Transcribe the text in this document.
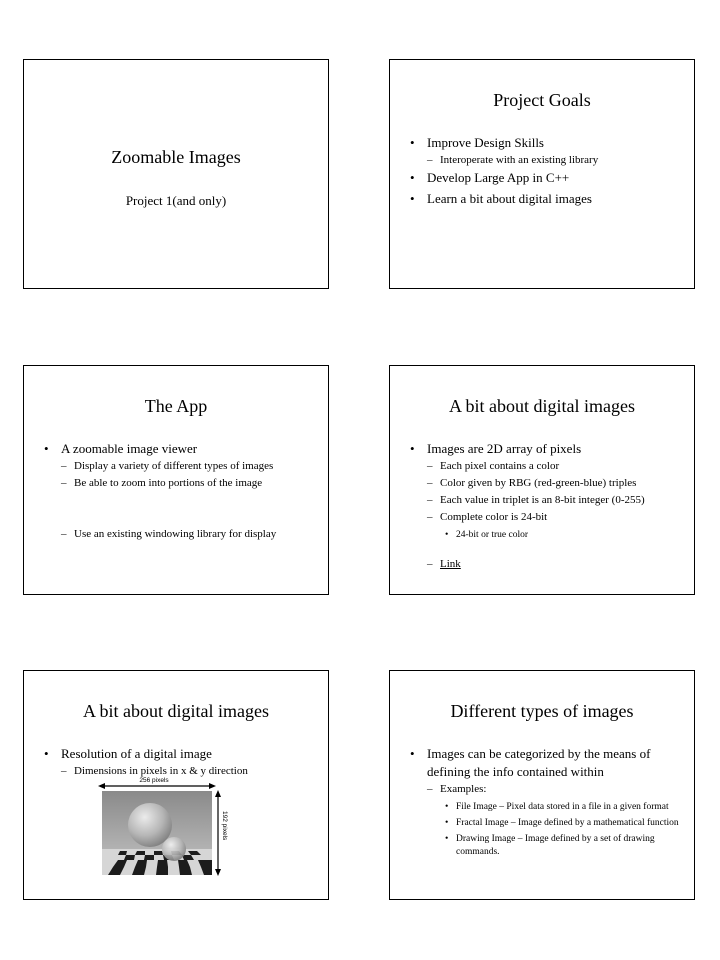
Zoomable Images
Project 1(and only)
Project Goals
• Improve Design Skills
– Interoperate with an existing library
• Develop Large App in C++
• Learn a bit about digital images
The App
• A zoomable image viewer
– Display a variety of different types of images
– Be able to zoom into portions of the image
– Use an existing windowing library for display
A bit about digital images
• Images are 2D array of pixels
– Each pixel contains a color
– Color given by RBG (red-green-blue) triples
– Each value in triplet is an 8-bit integer (0-255)
– Complete color is 24-bit
• 24-bit or true color
– Link
A bit about digital images
• Resolution of a digital image
– Dimensions in pixels in x & y direction
256 pixels
192 pixels
Different types of images
• Images can be categorized by the means of defining the info contained within
– Examples:
• File Image – Pixel data stored in a file in a given format
• Fractal Image – Image defined by a mathematical function
• Drawing Image – Image defined by a set of drawing commands.
